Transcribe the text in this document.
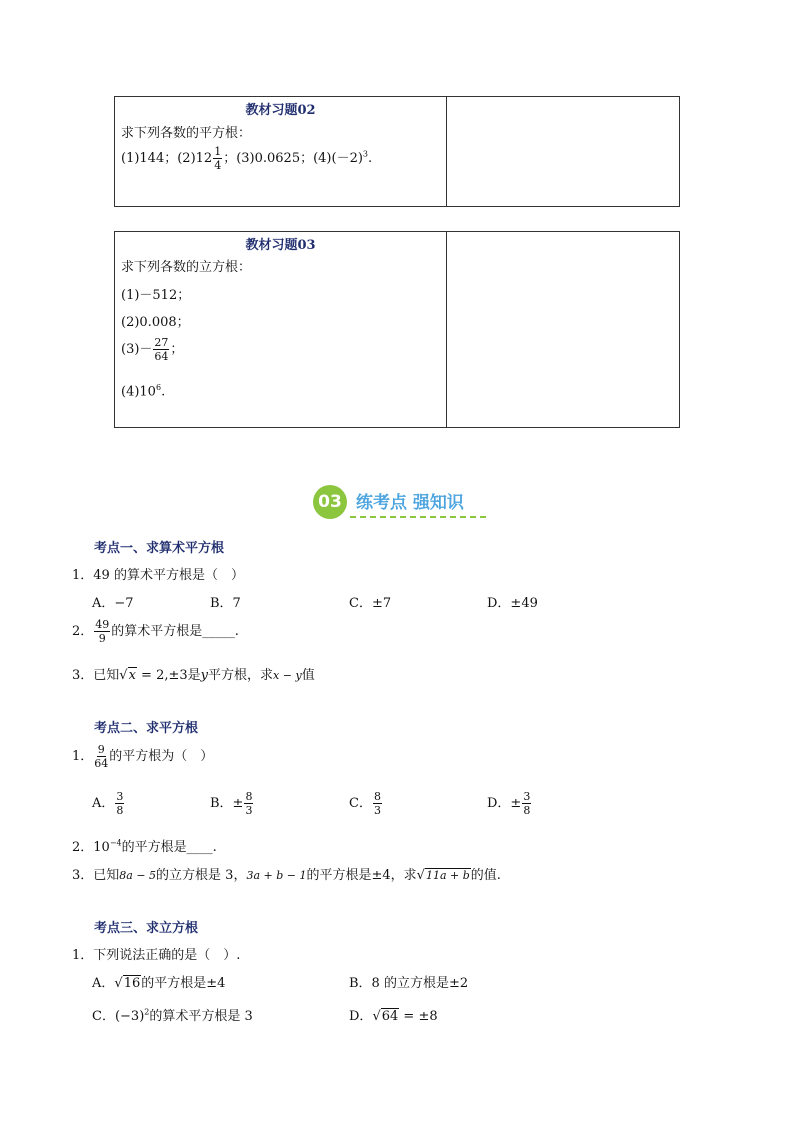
教材习题02
求下列各数的平方根：
(1)144；$(2)12 \frac{1}{4}$ ；(3)0.0625；$(4)(-2)^3$.
教材习题03
求下列各数的立方根：
(1)－512；
(2)0.008；
$(3)- \frac{27}{64}$ ；
$(4)10^6$.
03 练考点 强知识
考点一、求算术平方根
1．49 的算术平方根是（　）
A．−7	B．7	C．±7	D．±49
2． $\frac{49}{9}$ 的算术平方根是_____.
3．已知√x = 2,±3是y平方根，求x − y值
考点二、求平方根
1． $\frac{9}{64}$ 的平方根为（　）
A． $\frac{3}{8}$	B．± $\frac{8}{3}$	C． $\frac{8}{3}$	D．± $\frac{3}{8}$
2．$10^{-4}$的平方根是____.
3．已知8a − 5的立方根是 3，3a + b − 1的平方根是±4，求√11a + b的值.
考点三、求立方根
1．下列说法正确的是（　）.
A．√16的平方根是±4	B．8 的立方根是±2
C．$(-3)^2$的算术平方根是 3	D．√64 = ±8
